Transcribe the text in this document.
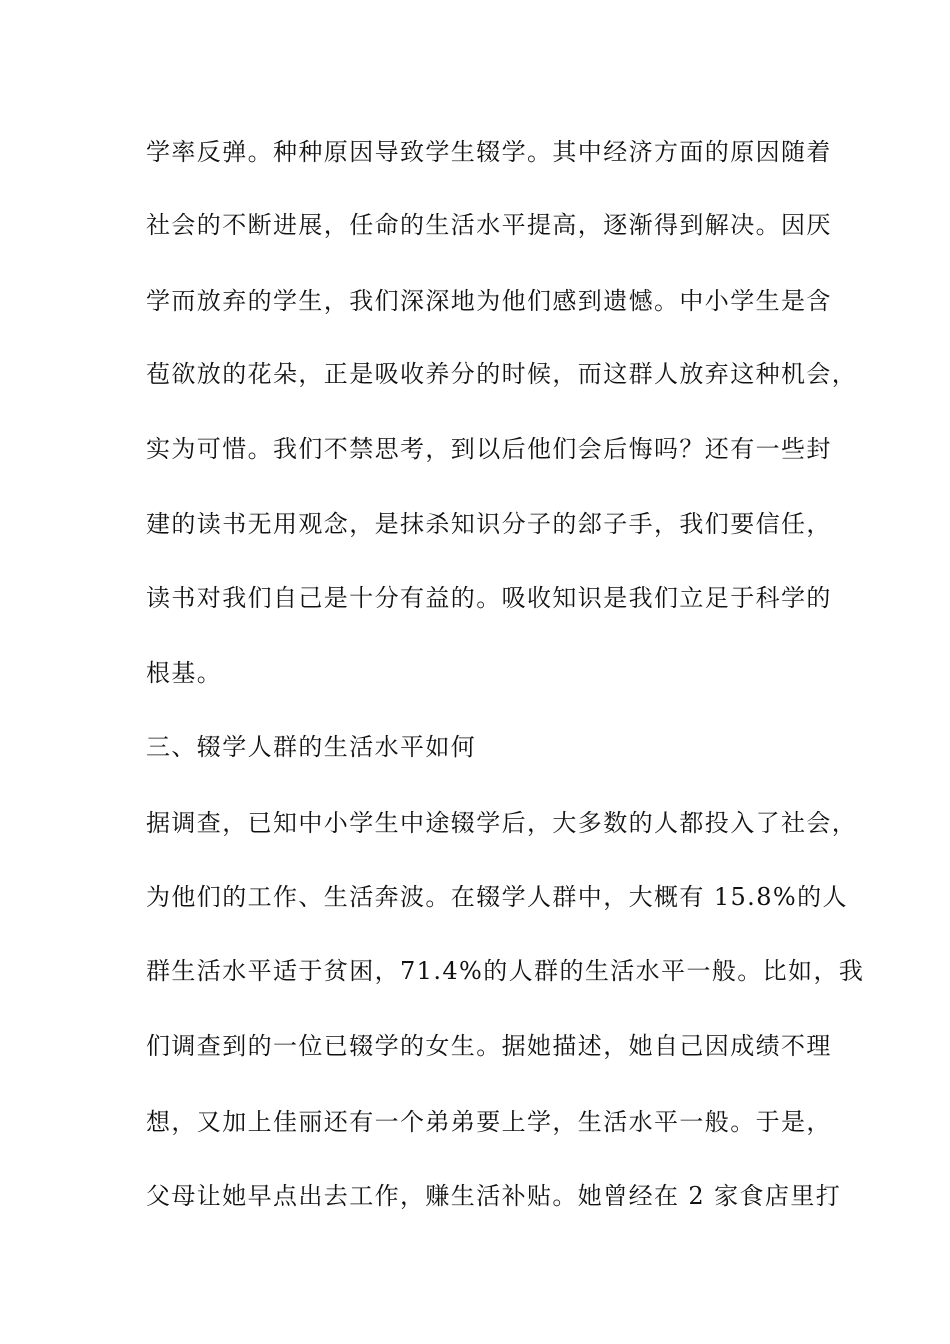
学率反弹。种种原因导致学生辍学。其中经济方面的原因随着
社会的不断进展，任命的生活水平提高，逐渐得到解决。因厌
学而放弃的学生，我们深深地为他们感到遗憾。中小学生是含
苞欲放的花朵，正是吸收养分的时候，而这群人放弃这种机会，
实为可惜。我们不禁思考，到以后他们会后悔吗？还有一些封
建的读书无用观念，是抹杀知识分子的郐子手，我们要信任，
读书对我们自己是十分有益的。吸收知识是我们立足于科学的
根基。
三、辍学人群的生活水平如何
据调查，已知中小学生中途辍学后，大多数的人都投入了社会，
为他们的工作、生活奔波。在辍学人群中，大概有 15.8%的人
群生活水平适于贫困，71.4%的人群的生活水平一般。比如，我
们调查到的一位已辍学的女生。据她描述，她自己因成绩不理
想，又加上佳丽还有一个弟弟要上学，生活水平一般。于是，
父母让她早点出去工作，赚生活补贴。她曾经在 2 家食店里打
